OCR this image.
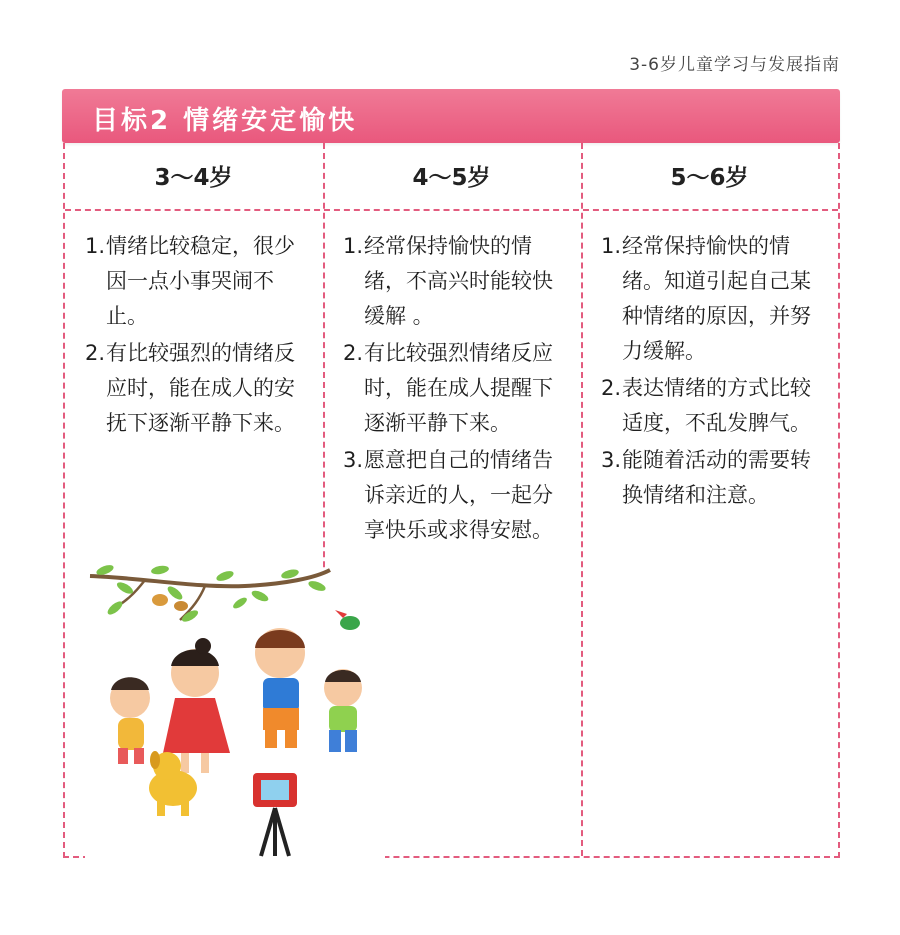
3-6岁儿童学习与发展指南
目标2 情绪安定愉快
3～4岁	4～5岁	5～6岁
1. 情绪比较稳定，很少因一点小事哭闹不止。
2. 有比较强烈的情绪反应时，能在成人的安抚下逐渐平静下来。
1. 经常保持愉快的情绪，不高兴时能较快缓解 。
2. 有比较强烈情绪反应时，能在成人提醒下逐渐平静下来。
3. 愿意把自己的情绪告诉亲近的人，一起分享快乐或求得安慰。
1. 经常保持愉快的情绪。知道引起自己某种情绪的原因，并努力缓解。
2. 表达情绪的方式比较适度，不乱发脾气。
3. 能随着活动的需要转换情绪和注意。
